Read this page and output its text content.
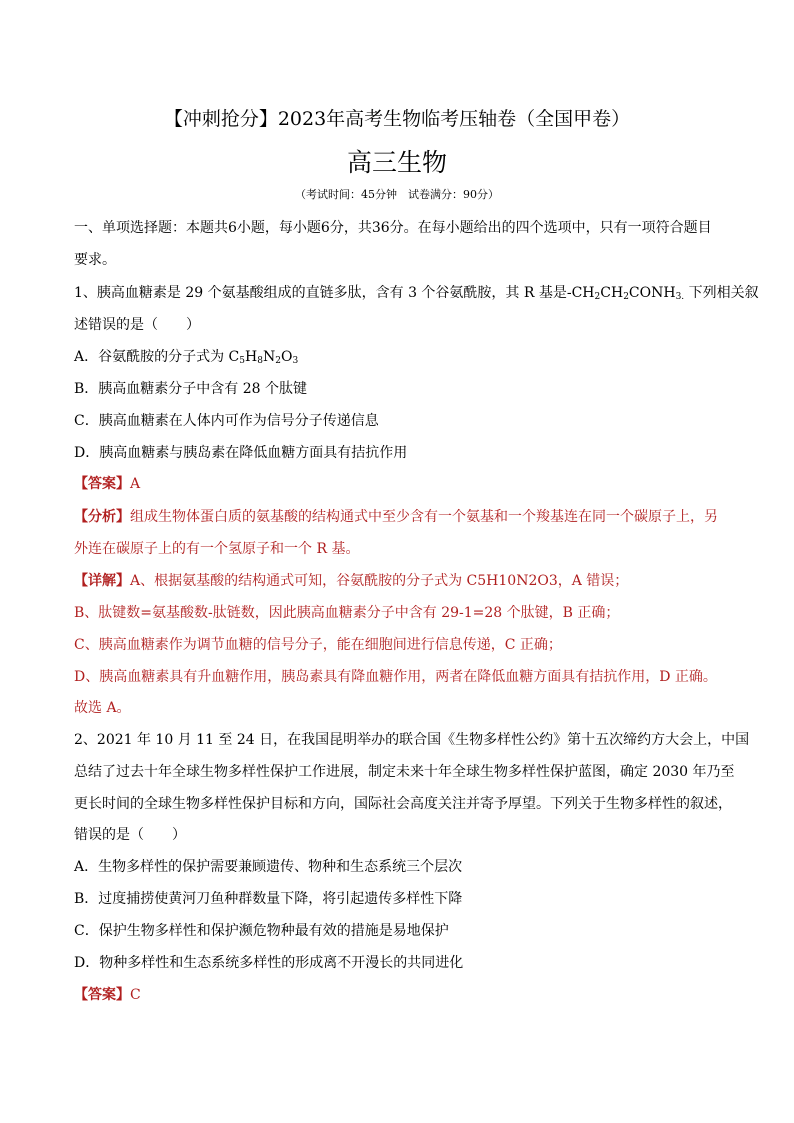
【冲刺抢分】2023年高考生物临考压轴卷（全国甲卷）
高三生物
（考试时间：45分钟　试卷满分：90分）
一、单项选择题：本题共6小题，每小题6分，共36分。在每小题给出的四个选项中，只有一项符合题目
要求。
1、胰高血糖素是 29 个氨基酸组成的直链多肽，含有 3 个谷氨酰胺，其 R 基是$-CH_2CH_2CONH_{3.}$ 下列相关叙
述错误的是（　　）
A．谷氨酰胺的分子式为 $C_5H_8N_2O_3$
B．胰高血糖素分子中含有 28 个肽键
C．胰高血糖素在人体内可作为信号分子传递信息
D．胰高血糖素与胰岛素在降低血糖方面具有拮抗作用
【答案】A
【分析】组成生物体蛋白质的氨基酸的结构通式中至少含有一个氨基和一个羧基连在同一个碳原子上，另
外连在碳原子上的有一个氢原子和一个 R 基。
【详解】A、根据氨基酸的结构通式可知，谷氨酰胺的分子式为 C5H10N2O3，A 错误；
B、肽键数=氨基酸数-肽链数，因此胰高血糖素分子中含有 29-1=28 个肽键，B 正确；
C、胰高血糖素作为调节血糖的信号分子，能在细胞间进行信息传递，C 正确；
D、胰高血糖素具有升血糖作用，胰岛素具有降血糖作用，两者在降低血糖方面具有拮抗作用，D 正确。
故选 A。
2、2021 年 10 月 11 至 24 日，在我国昆明举办的联合国《生物多样性公约》第十五次缔约方大会上，中国
总结了过去十年全球生物多样性保护工作进展，制定未来十年全球生物多样性保护蓝图，确定 2030 年乃至
更长时间的全球生物多样性保护目标和方向，国际社会高度关注并寄予厚望。下列关于生物多样性的叙述，
错误的是（　　）
A．生物多样性的保护需要兼顾遗传、物种和生态系统三个层次
B．过度捕捞使黄河刀鱼种群数量下降，将引起遗传多样性下降
C．保护生物多样性和保护濒危物种最有效的措施是易地保护
D．物种多样性和生态系统多样性的形成离不开漫长的共同进化
【答案】C
